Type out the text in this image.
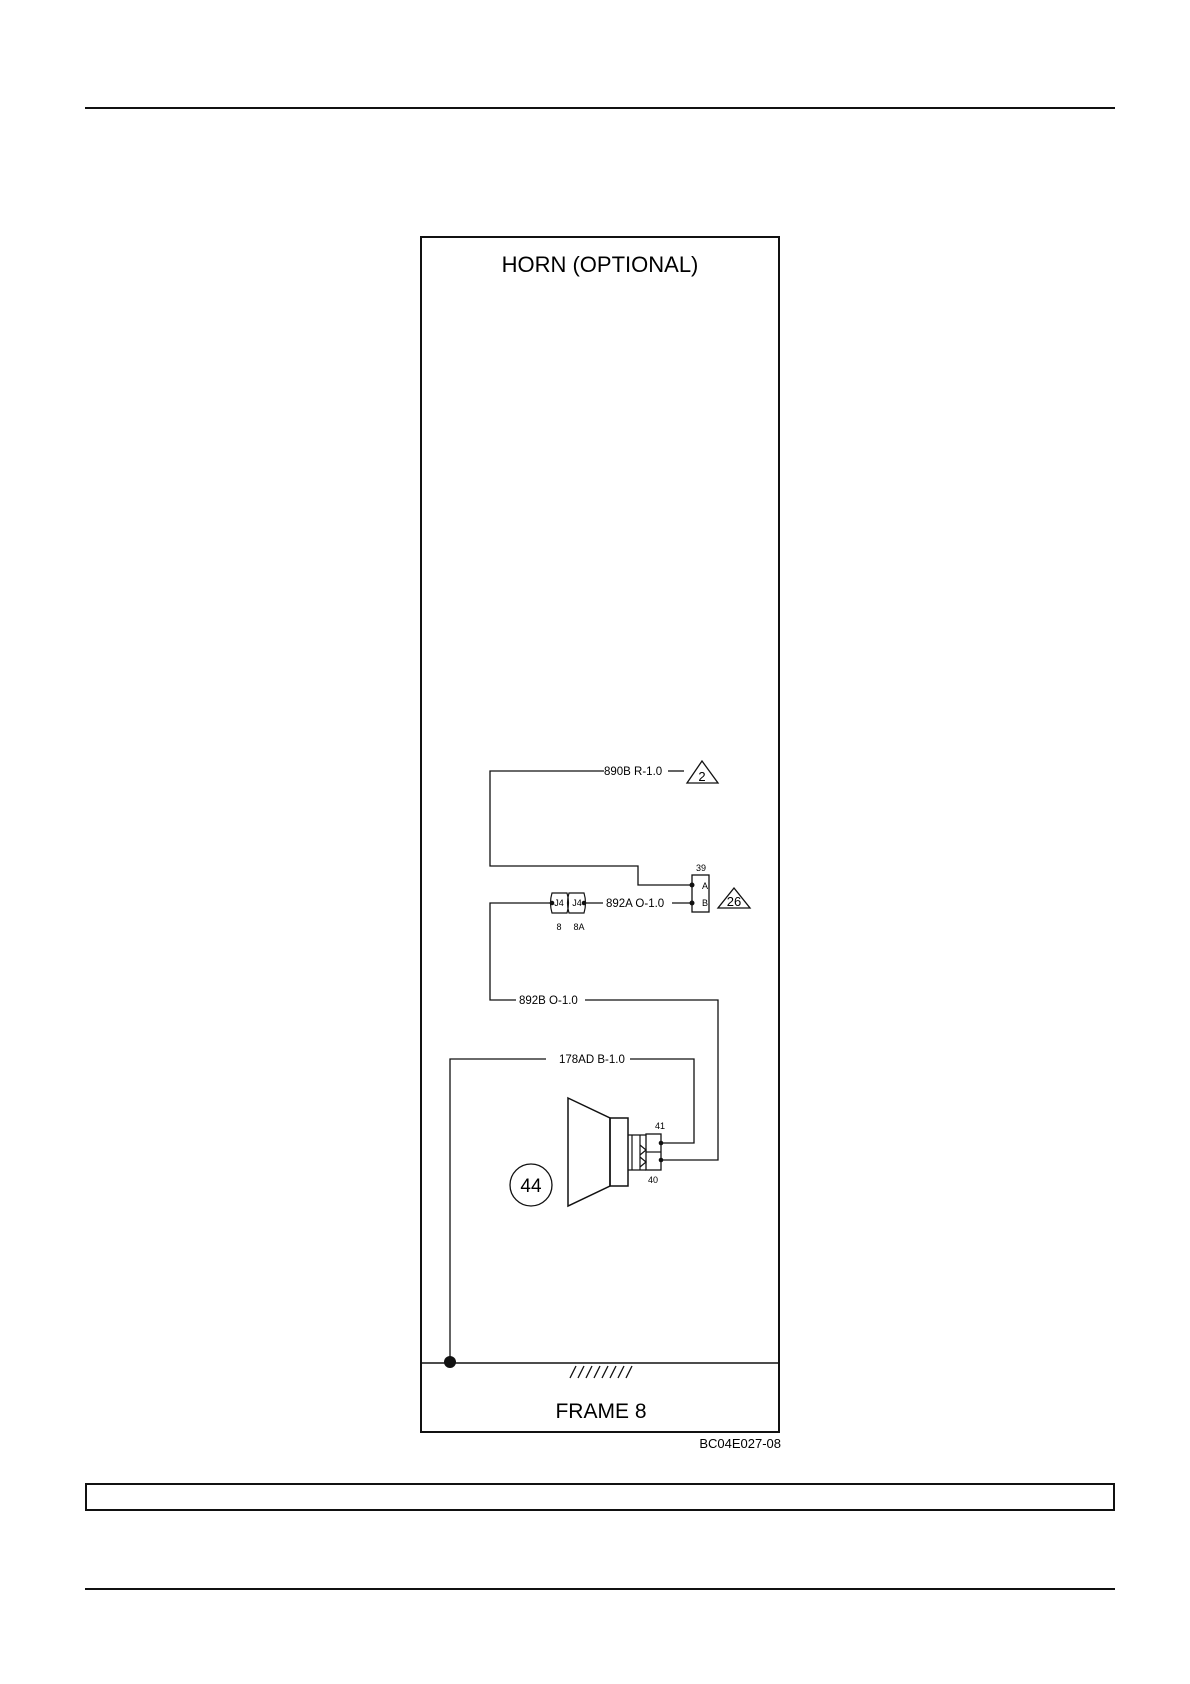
HORN (OPTIONAL)
890B R-1.0	2
39
A
B 26
892A O-1.0
J4 J4
8 8A
892B O-1.0
178AD B-1.0
41
40
44
FRAME 8
BC04E027-08
